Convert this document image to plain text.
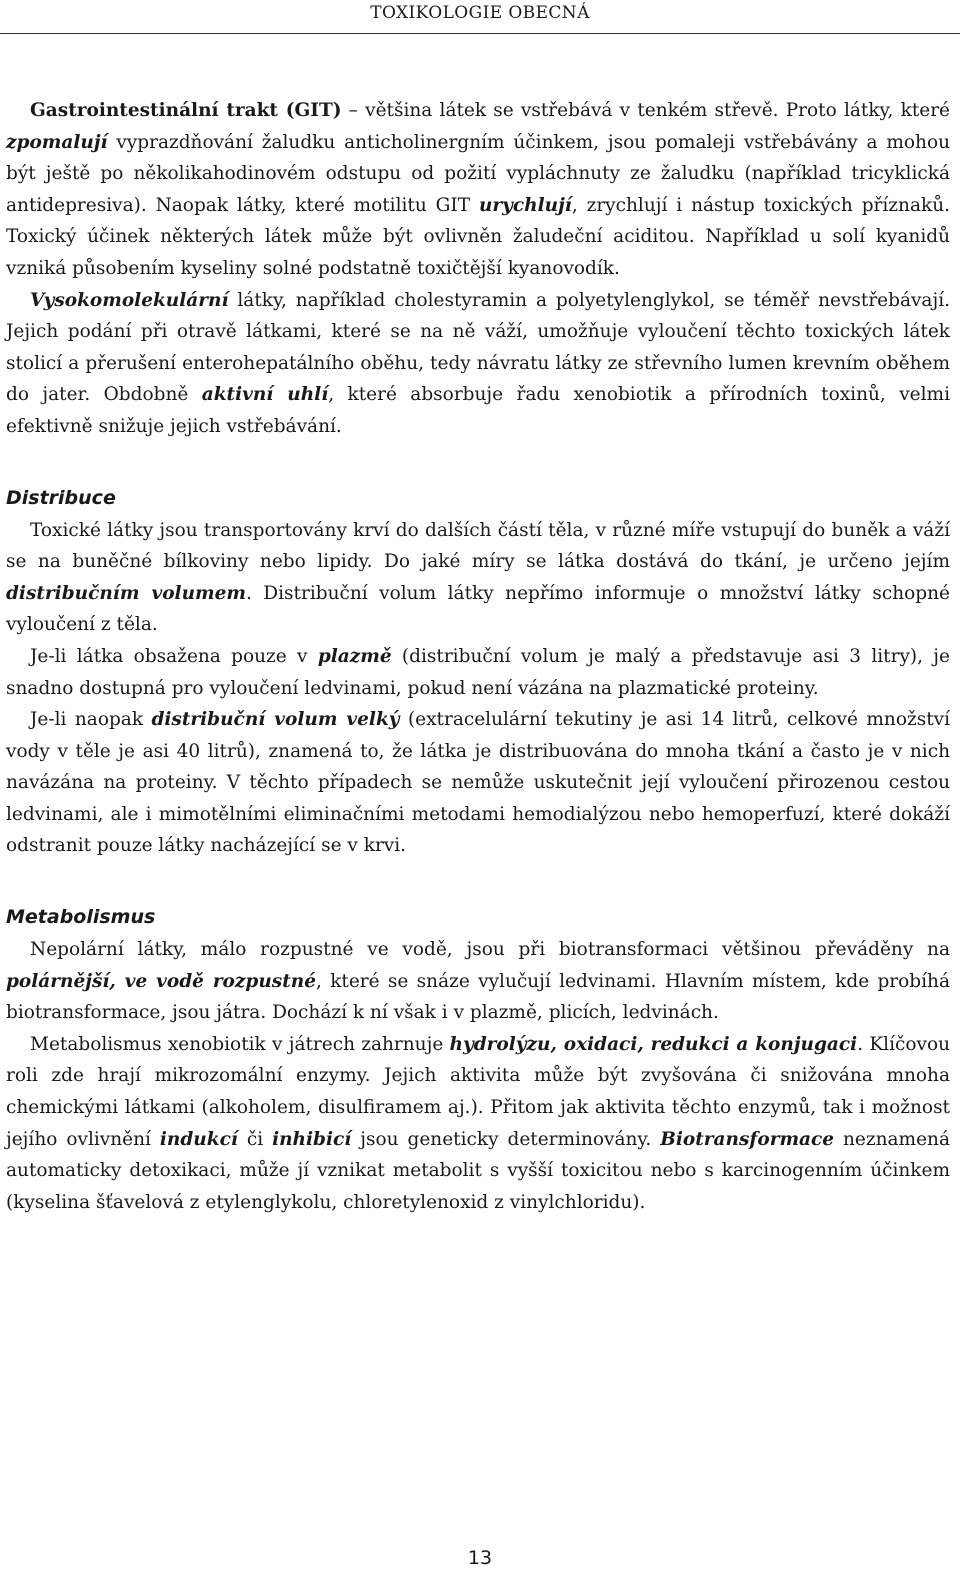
TOXIKOLOGIE OBECNÁ

Gastrointestinální trakt (GIT) – většina látek se vstřebává v tenkém střevě. Proto látky, které zpomalují vyprazdňování žaludku anticholinergním účinkem, jsou pomaleji vstřebávány a mohou být ještě po několikahodinovém odstupu od požití vypláchnuty ze žaludku (například tricyklická antidepresiva). Naopak látky, které motilitu GIT urychlují, zrychlují i nástup toxických příznaků. Toxický účinek některých látek může být ovlivněn žaludeční aciditou. Například u solí kyanidů vzniká působením kyseliny solné podstatně toxičtější kyanovodík.

Vysokomolekulární látky, například cholestyramin a polyetylenglykol, se téměř nevstřebávají. Jejich podání při otravě látkami, které se na ně váží, umožňuje vyloučení těchto toxických látek stolicí a přerušení enterohepatálního oběhu, tedy návratu látky ze střevního lumen krevním oběhem do jater. Obdobně aktivní uhlí, které absorbuje řadu xenobiotik a přírodních toxinů, velmi efektivně snižuje jejich vstřebávání.

Distribuce

Toxické látky jsou transportovány krví do dalších částí těla, v různé míře vstupují do buněk a váží se na buněčné bílkoviny nebo lipidy. Do jaké míry se látka dostává do tkání, je určeno jejím distribučním volumem. Distribuční volum látky nepřímo informuje o množství látky schopné vyloučení z těla.

Je-li látka obsažena pouze v plazmě (distribuční volum je malý a představuje asi 3 litry), je snadno dostupná pro vyloučení ledvinami, pokud není vázána na plazmatické proteiny.

Je-li naopak distribuční volum velký (extracelulární tekutiny je asi 14 litrů, celkové množství vody v těle je asi 40 litrů), znamená to, že látka je distribuována do mnoha tkání a často je v nich navázána na proteiny. V těchto případech se nemůže uskutečnit její vyloučení přirozenou cestou ledvinami, ale i mimotělními eliminačními metodami hemodialýzou nebo hemoperfuzí, které dokáží odstranit pouze látky nacházející se v krvi.

Metabolismus

Nepolární látky, málo rozpustné ve vodě, jsou při biotransformaci většinou převáděny na polárnější, ve vodě rozpustné, které se snáze vylučují ledvinami. Hlavním místem, kde probíhá biotransformace, jsou játra. Dochází k ní však i v plazmě, plicích, ledvinách.

Metabolismus xenobiotik v játrech zahrnuje hydrolýzu, oxidaci, redukci a konjugaci. Klíčovou roli zde hrají mikrozomální enzymy. Jejich aktivita může být zvyšována či snižována mnoha chemickými látkami (alkoholem, disulfiramem aj.). Přitom jak aktivita těchto enzymů, tak i možnost jejího ovlivnění indukcí či inhibicí jsou geneticky determinovány. Biotransformace neznamená automaticky detoxikaci, může jí vznikat metabolit s vyšší toxicitou nebo s karcinogenním účinkem (kyselina šťavelová z etylenglykolu, chloretylenoxid z vinylchloridu).

13
